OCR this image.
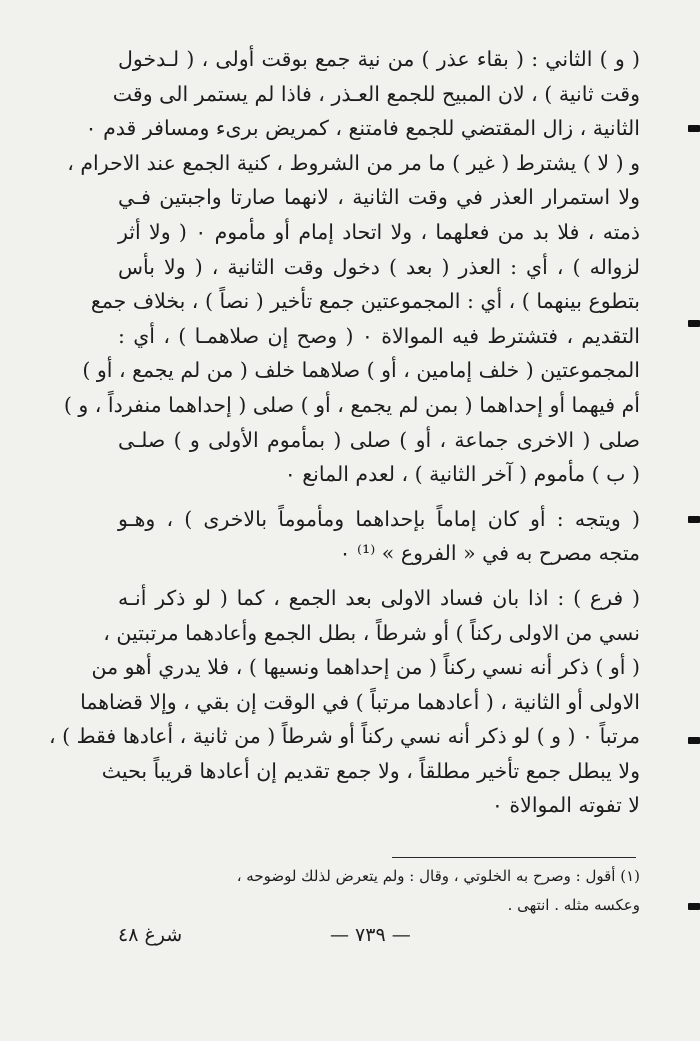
( و ) الثاني : ( بقاء عذر ) من نية جمع بوقت أولى ، ( لـدخول
وقت ثانية ) ، لان المبيح للجمع العـذر ، فاذا لم يستمر الى وقت
الثانية ، زال المقتضي للجمع فامتنع ، كمريض برىء ومسافر قدم ٠
و ( لا ) يشترط ( غير ) ما مر من الشروط ، كنية الجمع عند الاحرام ،
ولا استمرار العذر في وقت الثانية ، لانهما صارتا واجبتين فـي
ذمته ، فلا بد من فعلهما ، ولا اتحاد إمام أو مأموم ٠ ( ولا أثر
لزواله ) ، أي : العذر ( بعد ) دخول وقت الثانية ، ( ولا بأس
بتطوع بينهما ) ، أي : المجموعتين جمع تأخير ( نصاً ) ، بخلاف جمع
التقديم ، فتشترط فيه الموالاة ٠ ( وصح إن صلاهمـا ) ، أي :
المجموعتين ( خلف إمامين ، أو ) صلاهما خلف ( من لم يجمع ، أو )
أم فيهما أو إحداهما ( بمن لم يجمع ، أو ) صلى ( إحداهما منفرداً ، و )
صلى ( الاخرى جماعة ، أو ) صلى ( بمأموم الأولى و ) صلـى
( ب ) مأموم ( آخر الثانية ) ، لعدم المانع ٠
( ويتجه : أو كان إماماً بإحداهما ومأموماً بالاخرى ) ، وهـو
متجه مصرح به في « الفروع » ⁽¹⁾ ٠
( فرع ) : اذا بان فساد الاولى بعد الجمع ، كما ( لو ذكر أنـه
نسي من الاولى ركناً ) أو شرطاً ، بطل الجمع وأعادهما مرتبتين ،
( أو ) ذكر أنه نسي ركناً ( من إحداهما ونسيها ) ، فلا يدري أهو من
الاولى أو الثانية ، ( أعادهما مرتباً ) في الوقت إن بقي ، وإلا قضاهما
مرتباً ٠ ( و ) لو ذكر أنه نسي ركناً أو شرطاً ( من ثانية ، أعادها فقط ) ،
ولا يبطل جمع تأخير مطلقاً ، ولا جمع تقديم إن أعادها قريباً بحيث
لا تفوته الموالاة ٠
(١) أقول : وصرح به الخلوتي ، وقال : ولم يتعرض لذلك لوضوحه ،
وعكسه مثله . انتهى .
شرغ ٤٨	— ٧٣٩ —
